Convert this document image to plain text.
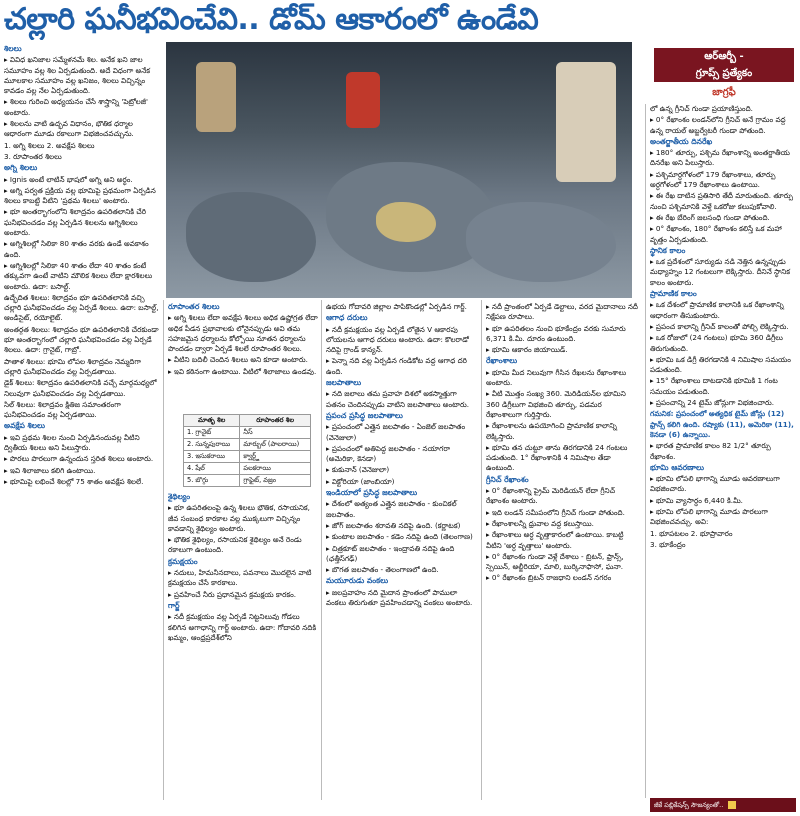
చల్లారి ఘనీభవించేవి.. డోమ్ ఆకారంలో ఉండేవి
ఆర్ఆర్బీ -
గ్రూప్స్ ప్రత్యేకం
జాగ్రఫీ

శిలలు

▸ వివిధ ఖనిజాల సమ్మేళనమే శిల. అనేక ఖని జాల సమూహం వల్ల శిల ఏర్పడుతుంది. అదే విధంగా అనేక మూలకాల సమూహం వల్ల ఖనిజం, శిలలు విచ్ఛిన్నం కావడం వల్ల నేల ఏర్పడుతుంది.

▸ శిలలు గురించి అధ్యయనం చేసే శాస్త్రాన్ని 'పెట్రోలజీ' అంటారు.

▸ శిలలను వాటి ఉద్భవ విధానం, భౌతిక ధర్మాల ఆధారంగా మూడు రకాలుగా విభజించవచ్చును.

1. అగ్ని శిలలు 2. అవక్షేప శిలలు

3. రూపాంతర శిలలు

అగ్ని శిలలు

▸ Ignis అంటే లాటిన్ భాషలో అగ్ని అని అర్థం.

▸ అగ్ని పర్వత ప్రక్రియ వల్ల భూమిపై ప్రథమంగా ఏర్పడిన శిలలు కాబట్టి వీటిని 'ప్రథమ శిలలు' అంటారు.

▸ భూ అంతర్భాగంలోని శిలాద్రవం ఉపరితలానికి చేరి ఘనీభవించడం వల్ల ఏర్పడిన శిలలను అగ్నిశిలలు అంటారు.

▸ అగ్నిశిలల్లో సిలికా 80 శాతం వరకు ఉండే అవకాశం ఉంది.

▸ ఆగ్నిశిలల్లో సిలికా 40 శాతం లేదా 40 శాతం కంటే తక్కువగా ఉంటే వాటిని మౌలిక శిలలు లేదా క్షారశిలలు అంటారు. ఉదా: బసాల్ట్.

ఉద్భేదిత శిలలు: శిలాద్రవం భూ ఉపరితలానికి వచ్చి చల్లారి ఘనీభవించడం వల్ల ఏర్పడే శిలలు. ఉదా: బసాల్ట్, ఆండిసైట్, రయోలైట్.

అంతర్గత శిలలు: శిలాద్రవం భూ ఉపరితలానికి చేరకుండా భూ అంతర్భాగంలో చల్లారి ఘనీభవించడం వల్ల ఏర్పడే శిలలు. ఉదా: గ్రానైట్, గాబ్రో.

పాతాళ శిలలు: భూమి లోపల శిలాద్రవం నెమ్మదిగా చల్లారి ఘనీభవించడం వల్ల ఏర్పడతాయి.

డైక్ శిలలు: శిలాద్రవం ఉపరితలానికి వచ్చే మార్గమధ్యలో నిలువుగా ఘనీభవించడం వల్ల ఏర్పడతాయి.

సిల్ శిలలు: శిలాద్రవం క్షితిజ సమాంతరంగా ఘనీభవించడం వల్ల ఏర్పడతాయి.

అవక్షేప శిలలు

▸ ఇవి ప్రథమ శిలల నుంచి ఏర్పడినందువల్ల వీటిని ద్వితీయ శిలలు అని పిలుస్తారు.

▸ పొరలు పొరలుగా ఉన్నందున స్తరిత శిలలు అంటారు.

▸ ఇవి శిలాజాలు కలిగి ఉంటాయి.

▸ భూమిపై లభించే శిలల్లో 75 శాతం అవక్షేప శిలలే.

రూపాంతర శిలలు

▸ అగ్ని శిలలు లేదా అవక్షేప శిలలు అధిక ఉష్ణోగ్రత లేదా అధిక పీడన ప్రభావాలకు లోనైనప్పుడు అవి తమ సహజమైన ధర్మాలను కోల్పోయి నూతన ధర్మాలను పొందడం ద్వారా ఏర్పడే శిలలే రూపాంతర శిలలు.

▸ వీటిని బదిలీ చెందిన శిలలు అని కూడా అంటారు.

▸ ఇవి కఠినంగా ఉంటాయి. వీటిలో శిలాజాలు ఉండవు.

మాతృ శిల	రూపాంతర శిల
1. గ్రానైట్	నీస్
2. సున్నపురాయి	మార్బుల్ (పాలరాయి)
3. ఇసుకరాయి	క్వార్ట్జ్
4. షేల్	పలకరాయి
5. బొగ్గు	గ్రాఫైట్, వజ్రం

శైథిల్యం

▸ భూ ఉపరితలంపై ఉన్న శిలలు భౌతిక, రసాయనిక, జీవ సంబంధ కారకాల వల్ల ముక్కలుగా విచ్ఛిన్నం కావడాన్ని శైథిల్యం అంటారు.

▸ భౌతిక శైథిల్యం, రసాయనిక శైథిల్యం అనే రెండు రకాలుగా ఉంటుంది.

క్రమక్షయం

▸ నదులు, హిమనీనదాలు, పవనాలు మొదలైన వాటి క్రమక్షయం చేసే కారకాలు.

▸ ప్రవహించే నీరు ప్రధానమైన క్రమక్షయ కారకం.

గార్జ్

▸ నదీ క్రమక్షయం వల్ల ఏర్పడే నిట్టనిలువు గోడలు కలిగిన అగాధాన్ని గార్జ్ అంటారు. ఉదా: గోదావరి నదికి ఖమ్మం, ఆంధ్రప్రదేశ్‌లోని

ఉభయ గోదావరి జిల్లాల పాపికొండల్లో ఏర్పడిన గార్జ్.

ఆగాధ దరులు

▸ నదీ క్రమక్షయం వల్ల ఏర్పడే లోతైన V ఆకారపు లోయలను ఆగాధ దరులు అంటారు. ఉదా: కొలరాడో నదిపై గ్రాండ్ కాన్యన్.

▸ పెన్నా నది వల్ల ఏర్పడిన గండికోట వద్ద ఆగాధ దరి ఉంది.

జలపాతాలు

▸ నది జలాలు తమ ప్రవాహ దిశలో అకస్మాత్తుగా పతనం చెందినప్పుడు వాటిని జలపాతాలు అంటారు.

ప్రపంచ ప్రసిద్ధ జలపాతాలు

▸ ప్రపంచంలో ఎత్తైన జలపాతం - ఏంజెల్ జలపాతం (వెనెజులా)

▸ ప్రపంచంలో అతిపెద్ద జలపాతం - నయాగరా (అమెరికా, కెనడా)

▸ కుకునాన్ (వెనెజులా)

▸ విక్టోరియా (జాంబియా)

ఇండియాలో ప్రసిద్ధ జలపాతాలు

▸ దేశంలో అత్యంత ఎత్తైన జలపాతం - కుంచికల్ జలపాతం.

▸ జోగ్ జలపాతం శరావతి నదిపై ఉంది. (కర్ణాటక)

▸ కుంటాల జలపాతం - కడెం నదిపై ఉంది (తెలంగాణ)

▸ చిత్రకూట్ జలపాతం - ఇంద్రావతి నదిపై ఉంది (ఛత్తీస్‌గఢ్)

▸ బొగత జలపాతం - తెలంగాణలో ఉంది.

మయూరుడు వంకలు

▸ జలప్రవాహం నది మైదాన ప్రాంతంలో పాములా వంకలు తిరుగుతూ ప్రవహించడాన్ని వంకలు అంటారు.

▸ నదీ ప్రాంతంలో ఏర్పడే డెల్టాలు, వరద మైదానాలు నదీ నిక్షేపణ రూపాలు.

▸ భూ ఉపరితలం నుంచి భూకేంద్రం వరకు సుమారు 6,371 కి.మీ. దూరం ఉంటుంది.

▸ భూమి ఆకారం జియాయిడ్.

రేఖాంశాలు

▸ భూమి మీద నిలువుగా గీసిన రేఖలను రేఖాంశాలు అంటారు.

▸ వీటి మొత్తం సంఖ్య 360. మెరిడియన్‌ల భూమిని 360 డిగ్రీలుగా విభజించి తూర్పు, పడమర రేఖాంశాలుగా గుర్తిస్తారు.

▸ రేఖాంశాలను ఉపయోగించి ప్రామాణిక కాలాన్ని లెక్కిస్తారు.

▸ భూమి తన చుట్టూ తాను తిరగడానికి 24 గంటలు పడుతుంది. 1° రేఖాంశానికి 4 నిమిషాల తేడా ఉంటుంది.

గ్రీనిచ్ రేఖాంశం

▸ 0° రేఖాంశాన్ని ప్రైమ్ మెరిడియన్ లేదా గ్రీనిచ్ రేఖాంశం అంటారు.

▸ ఇది లండన్ సమీపంలోని గ్రీనిచ్ గుండా పోతుంది.

▸ రేఖాంశాలన్నీ ధ్రువాల వద్ద కలుస్తాయి.

▸ రేఖాంశాలు అర్ధ వృత్తాకారంలో ఉంటాయి. కాబట్టి వీటిని 'అర్ధ వృత్తాలు' అంటారు.

▸ 0° రేఖాంశం గుండా వెళ్లే దేశాలు - బ్రిటన్, ఫ్రాన్స్, స్పెయిన్, అల్జీరియా, మాలి, బుర్కినాఫాసో, ఘనా.

▸ 0° రేఖాంశం బ్రిటన్ రాజధాని లండన్ నగరం

లో ఉన్న గ్రీనిచ్ గుండా ప్రయాణిస్తుంది.

▸ 0° రేఖాంశం లండన్‌లోని గ్రీనిచ్ అనే గ్రామం వద్ద ఉన్న రాయల్ అబ్జర్వేటరీ గుండా పోతుంది.

అంతర్జాతీయ దినరేఖ

▸ 180° తూర్పు, పశ్చిమ రేఖాంశాన్ని అంతర్జాతీయ దినరేఖ అని పిలుస్తారు.

▸ పశ్చిమార్ధగోళంలో 179 రేఖాంశాలు, తూర్పు అర్ధగోళంలో 179 రేఖాంశాలు ఉంటాయి.

▸ ఈ రేఖ దాటిన ప్రతిసారి తేదీ మారుతుంది. తూర్పు నుంచి పశ్చిమానికి వెళ్తే ఒకరోజు కలుపుకోవాలి.

▸ ఈ రేఖ బేరింగ్ జలసంధి గుండా పోతుంది.

▸ 0° రేఖాంశం, 180° రేఖాంశం కలిస్తే ఒక మహా వృత్తం ఏర్పడుతుంది.

స్థానిక కాలం

▸ ఒక ప్రదేశంలో సూర్యుడు నడి నెత్తిన ఉన్నప్పుడు మధ్యాహ్నం 12 గంటలుగా లెక్కిస్తారు. దీనినే స్థానిక కాలం అంటారు.

ప్రామాణిక కాలం

▸ ఒక దేశంలో ప్రామాణిక కాలానికి ఒక రేఖాంశాన్ని ఆధారంగా తీసుకుంటారు.

▸ ప్రపంచ కాలాన్ని గ్రీనిచ్ కాలంతో పోల్చి లెక్కిస్తారు.

▸ ఒక రోజులో (24 గంటలు) భూమి 360 డిగ్రీలు తిరుగుతుంది.

▸ భూమి ఒక డిగ్రీ తిరగడానికి 4 నిమిషాల సమయం పడుతుంది.

▸ 15° రేఖాంశాలు దాటడానికి భూమికి 1 గంట సమయం పడుతుంది.

▸ ప్రపంచాన్ని 24 టైమ్ జోన్లుగా విభజించారు.

గమనిక: ప్రపంచంలో అత్యధిక టైమ్ జోన్లు (12) ఫ్రాన్స్ కలిగి ఉంది. రష్యాకు (11), అమెరికా (11), కెనడా (6) ఉన్నాయి.

▸ భారత ప్రామాణిక కాలం 82 1/2° తూర్పు రేఖాంశం.

భూమి ఆవరణాలు

▸ భూమి లోపలి భాగాన్ని మూడు ఆవరణాలుగా విభజించారు.

▸ భూమి వ్యాసార్థం 6,440 కి.మీ.

▸ భూమి లోపలి భాగాన్ని మూడు పొరలుగా విభజించవచ్చు. అవి:

1. భూపటలం 2. భూప్రావారం

3. భూకేంద్రం

జీకే పబ్లికేషన్స్ సౌజన్యంతో..
